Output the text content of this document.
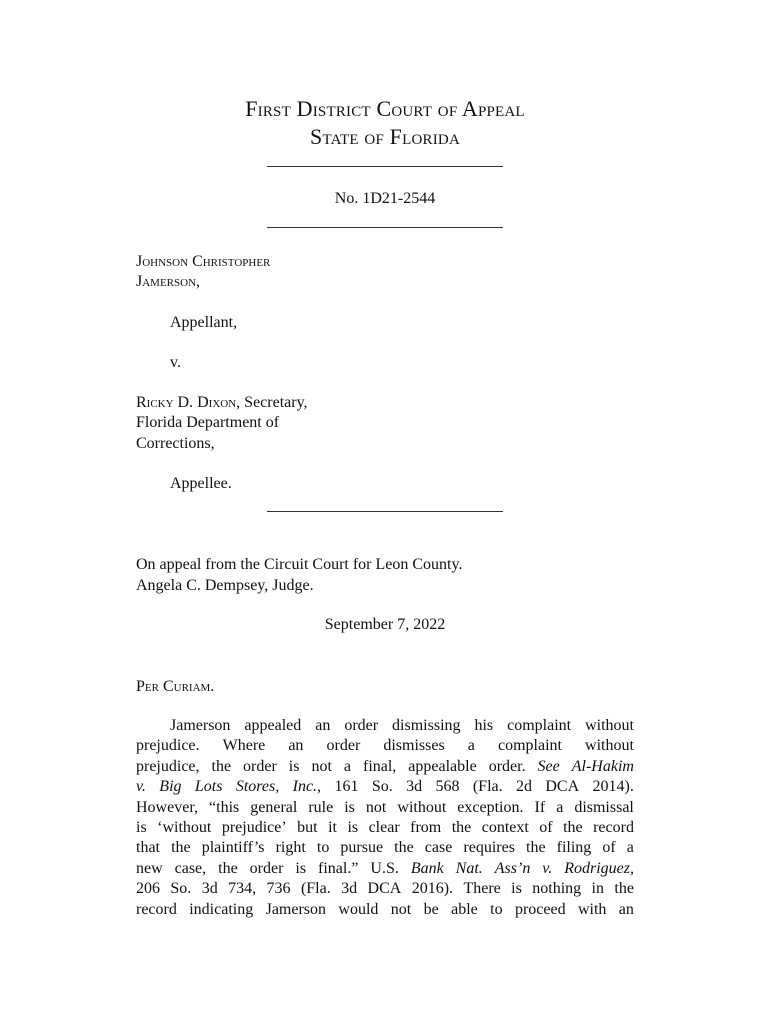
First District Court of Appeal
State of Florida
No. 1D21-2544
Johnson Christopher
Jamerson,
Appellant,
v.
Ricky D. Dixon, Secretary,
Florida Department of
Corrections,
Appellee.
On appeal from the Circuit Court for Leon County.
Angela C. Dempsey, Judge.
September 7, 2022
Per Curiam.
Jamerson appealed an order dismissing his complaint without
prejudice. Where an order dismisses a complaint without
prejudice, the order is not a final, appealable order. See Al-Hakim
v. Big Lots Stores, Inc., 161 So. 3d 568 (Fla. 2d DCA 2014).
However, “this general rule is not without exception. If a dismissal
is ‘without prejudice’ but it is clear from the context of the record
that the plaintiff’s right to pursue the case requires the filing of a
new case, the order is final.” U.S. Bank Nat. Ass’n v. Rodriguez,
206 So. 3d 734, 736 (Fla. 3d DCA 2016). There is nothing in the
record indicating Jamerson would not be able to proceed with an
